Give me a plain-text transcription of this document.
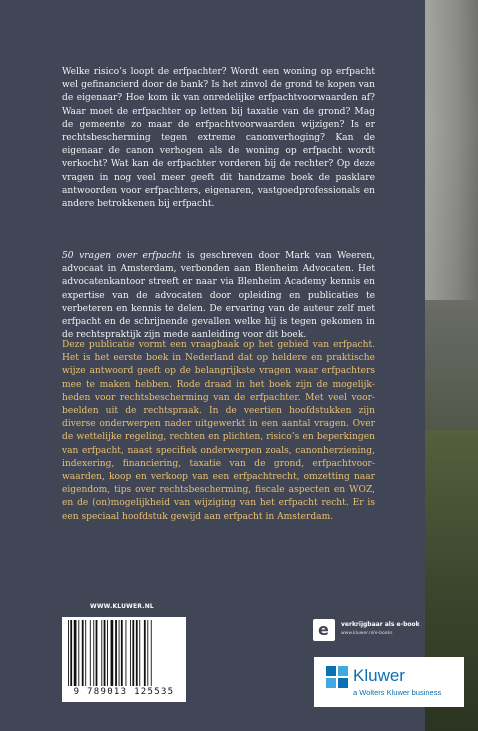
Welke risico’s loopt de erfpachter? Wordt een woning op erfpacht wel gefinancierd door de bank? Is het zinvol de grond te kopen van de eigenaar? Hoe kom ik van onredelijke erfpachtvoorwaarden af? Waar moet de erfpachter op letten bij taxatie van de grond? Mag de gemeente zo maar de erfpachtvoorwaarden wijzigen? Is er rechtsbescherming tegen extreme canonverhoging? Kan de eigenaar de canon verhogen als de woning op erfpacht wordt verkocht? Wat kan de erfpachter vorderen bij de rechter? Op deze vragen in nog veel meer geeft dit handzame boek de pasklare antwoorden voor erfpachters, eigenaren, vastgoedprofessionals en andere betrokkenen bij erfpacht.

50 vragen over erfpacht is geschreven door Mark van Weeren, advocaat in Amsterdam, verbonden aan Blenheim Advocaten. Het advocatenkantoor streeft er naar via Blenheim Academy kennis en expertise van de advocaten door opleiding en publicaties te verbeteren en kennis te delen. De ervaring van de auteur zelf met erfpacht en de schrijnende gevallen welke hij is tegen gekomen in de rechtspraktijk zijn mede aanleiding voor dit boek.

Deze publicatie vormt een vraagbaak op het gebied van erfpacht. Het is het eerste boek in Nederland dat op heldere en praktische wijze antwoord geeft op de belangrijkste vragen waar erfpachters mee te maken hebben. Rode draad in het boek zijn de mogelijkheden voor rechtsbescherming van de erfpachter. Met veel voorbeelden uit de rechtspraak. In de veertien hoofdstukken zijn diverse onderwerpen nader uitgewerkt in een aantal vragen. Over de wettelijke regeling, rechten en plichten, risico’s en beperkingen van erfpacht, naast specifiek onderwerpen zoals, canonherziening, indexering, financiering, taxatie van de grond, erfpachtvoorwaarden, koop en verkoop van een erfpachtrecht, omzetting naar eigendom, tips over rechtsbescherming, fiscale aspecten en WOZ, en de (on)mogelijkheid van wijziging van het erfpacht recht. Er is een speciaal hoofdstuk gewijd aan erfpacht in Amsterdam.

WWW.KLUWER.NL
9 789013 125535
e verkrijgbaar als e-book
www.kluwer.nl/e-books
Kluwer
a Wolters Kluwer business
